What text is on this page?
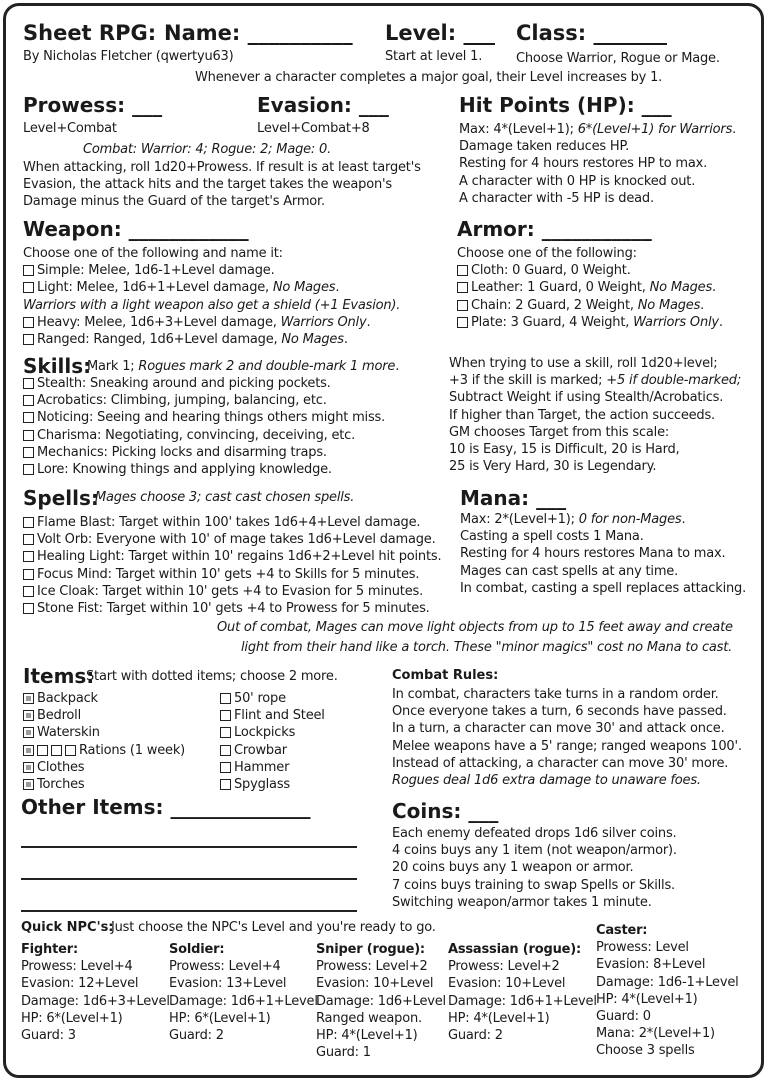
Sheet RPG:
By Nicholas Fletcher (qwertyu63)
Name: __________ Level: ___
Start at level 1.
Class: _______
Choose Warrior, Rogue or Mage.
Whenever a character completes a major goal, their Level increases by 1.
Prowess: ___
Level+Combat
Evasion: ___
Level+Combat+8
Combat: Warrior: 4; Rogue: 2; Mage: 0.
When attacking, roll 1d20+Prowess. If result is at least target's
Evasion, the attack hits and the target takes the weapon's
Damage minus the Guard of the target's Armor.
Hit Points (HP): ___
Max: 4*(Level+1); 6*(Level+1) for Warriors.
Damage taken reduces HP.
Resting for 4 hours restores HP to max.
A character with 0 HP is knocked out.
A character with -5 HP is dead.
Weapon: ____________
Choose one of the following and name it:
Simple: Melee, 1d6-1+Level damage.
Light: Melee, 1d6+1+Level damage, No Mages.
Warriors with a light weapon also get a shield (+1 Evasion).
Heavy: Melee, 1d6+3+Level damage, Warriors Only.
Ranged: Ranged, 1d6+Level damage, No Mages.
Armor: ___________
Choose one of the following:
Cloth: 0 Guard, 0 Weight.
Leather: 1 Guard, 0 Weight, No Mages.
Chain: 2 Guard, 2 Weight, No Mages.
Plate: 3 Guard, 4 Weight, Warriors Only.
Skills:
Mark 1; Rogues mark 2 and double-mark 1 more.
Stealth: Sneaking around and picking pockets.
Acrobatics: Climbing, jumping, balancing, etc.
Noticing: Seeing and hearing things others might miss.
Charisma: Negotiating, convincing, deceiving, etc.
Mechanics: Picking locks and disarming traps.
Lore: Knowing things and applying knowledge.
When trying to use a skill, roll 1d20+level;
+3 if the skill is marked; +5 if double-marked;
Subtract Weight if using Stealth/Acrobatics.
If higher than Target, the action succeeds.
GM chooses Target from this scale:
10 is Easy, 15 is Difficult, 20 is Hard,
25 is Very Hard, 30 is Legendary.
Spells:
Mages choose 3; cast cast chosen spells.
Flame Blast: Target within 100' takes 1d6+4+Level damage.
Volt Orb: Everyone with 10' of mage takes 1d6+Level damage.
Healing Light: Target within 10' regains 1d6+2+Level hit points.
Focus Mind: Target within 10' gets +4 to Skills for 5 minutes.
Ice Cloak: Target within 10' gets +4 to Evasion for 5 minutes.
Stone Fist: Target within 10' gets +4 to Prowess for 5 minutes.
Out of combat, Mages can move light objects from up to 15 feet away and create
light from their hand like a torch. These "minor magics" cost no Mana to cast.
Mana: ___
Max: 2*(Level+1); 0 for non-Mages.
Casting a spell costs 1 Mana.
Resting for 4 hours restores Mana to max.
Mages can cast spells at any time.
In combat, casting a spell replaces attacking.
Items:
Start with dotted items; choose 2 more.
Backpack
Bedroll
Waterskin
Rations (1 week)
Clothes
Torches
50' rope
Flint and Steel
Lockpicks
Crowbar
Hammer
Spyglass
Other Items: ______________
Combat Rules:
In combat, characters take turns in a random order.
Once everyone takes a turn, 6 seconds have passed.
In a turn, a character can move 30' and attack once.
Melee weapons have a 5' range; ranged weapons 100'.
Instead of attacking, a character can move 30' more.
Rogues deal 1d6 extra damage to unaware foes.
Coins: ___
Each enemy defeated drops 1d6 silver coins.
4 coins buys any 1 item (not weapon/armor).
20 coins buys any 1 weapon or armor.
7 coins buys training to swap Spells or Skills.
Switching weapon/armor takes 1 minute.
Quick NPC's:
Just choose the NPC's Level and you're ready to go.
Fighter:
Prowess: Level+4
Evasion: 12+Level
Damage: 1d6+3+Level
HP: 6*(Level+1)
Guard: 3
Soldier:
Prowess: Level+4
Evasion: 13+Level
Damage: 1d6+1+Level
HP: 6*(Level+1)
Guard: 2
Sniper (rogue):
Prowess: Level+2
Evasion: 10+Level
Damage: 1d6+Level
Ranged weapon.
HP: 4*(Level+1)
Guard: 1
Assassian (rogue):
Prowess: Level+2
Evasion: 10+Level
Damage: 1d6+1+Level
HP: 4*(Level+1)
Guard: 2
Caster:
Prowess: Level
Evasion: 8+Level
Damage: 1d6-1+Level
HP: 4*(Level+1)
Guard: 0
Mana: 2*(Level+1)
Choose 3 spells
